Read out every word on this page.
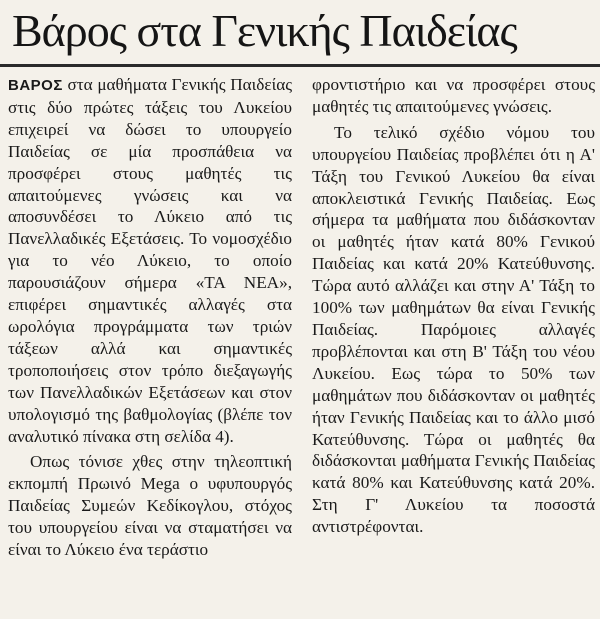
Βάρος στα Γενικής Παιδείας

ΒΑΡΟΣ στα μαθήματα Γενικής Παιδείας στις δύο πρώτες τάξεις του Λυκείου επιχειρεί να δώσει το υπουργείο Παιδείας σε μία προσπάθεια να προσφέρει στους μαθητές τις απαιτούμενες γνώσεις και να αποσυνδέσει το Λύκειο από τις Πανελλαδικές Εξετάσεις. Το νομοσχέδιο για το νέο Λύκειο, το οποίο παρουσιάζουν σήμερα «ΤΑ ΝΕΑ», επιφέρει σημαντικές αλλαγές στα ωρολόγια προγράμματα των τριών τάξεων αλλά και σημαντικές τροποποιήσεις στον τρόπο διεξαγωγής των Πανελλαδικών Εξετάσεων και στον υπολογισμό της βαθμολογίας (βλέπε τον αναλυτικό πίνακα στη σελίδα 4).

Οπως τόνισε χθες στην τηλεοπτική εκπομπή Πρωινό Mega ο υφυπουργός Παιδείας Συμεών Κεδίκογλου, στόχος του υπουργείου είναι να σταματήσει να είναι το Λύκειο ένα τεράστιο

φροντιστήριο και να προσφέρει στους μαθητές τις απαιτούμενες γνώσεις.

Το τελικό σχέδιο νόμου του υπουργείου Παιδείας προβλέπει ότι η Α' Τάξη του Γενικού Λυκείου θα είναι αποκλειστικά Γενικής Παιδείας. Εως σήμερα τα μαθήματα που διδάσκονταν οι μαθητές ήταν κατά 80% Γενικού Παιδείας και κατά 20% Κατεύθυνσης. Τώρα αυτό αλλάζει και στην Α' Τάξη το 100% των μαθημάτων θα είναι Γενικής Παιδείας. Παρόμοιες αλλαγές προβλέπονται και στη Β' Τάξη του νέου Λυκείου. Εως τώρα το 50% των μαθημάτων που διδάσκονταν οι μαθητές ήταν Γενικής Παιδείας και το άλλο μισό Κατεύθυνσης. Τώρα οι μαθητές θα διδάσκονται μαθήματα Γενικής Παιδείας κατά 80% και Κατεύθυνσης κατά 20%. Στη Γ' Λυκείου τα ποσοστά αντιστρέφονται.
